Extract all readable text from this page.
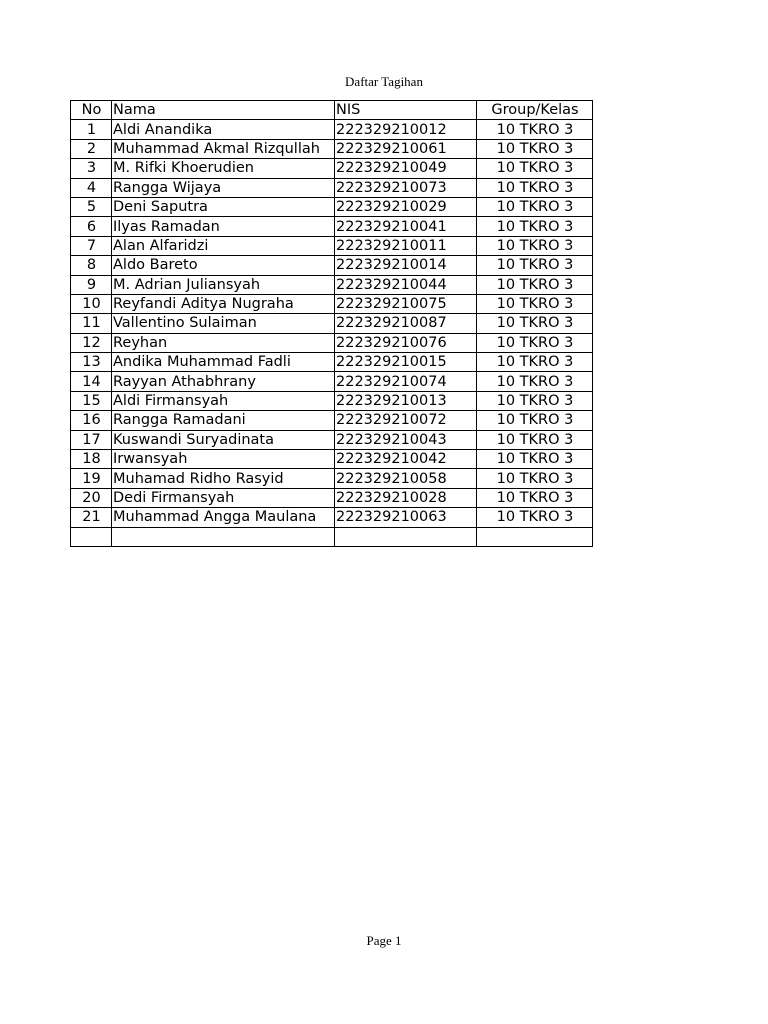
Daftar Tagihan
No	Nama	NIS	Group/Kelas
1	Aldi Anandika	222329210012	10 TKRO 3
2	Muhammad Akmal Rizqullah	222329210061	10 TKRO 3
3	M. Rifki Khoerudien	222329210049	10 TKRO 3
4	Rangga Wijaya	222329210073	10 TKRO 3
5	Deni Saputra	222329210029	10 TKRO 3
6	Ilyas Ramadan	222329210041	10 TKRO 3
7	Alan Alfaridzi	222329210011	10 TKRO 3
8	Aldo Bareto	222329210014	10 TKRO 3
9	M. Adrian Juliansyah	222329210044	10 TKRO 3
10	Reyfandi Aditya Nugraha	222329210075	10 TKRO 3
11	Vallentino Sulaiman	222329210087	10 TKRO 3
12	Reyhan	222329210076	10 TKRO 3
13	Andika Muhammad Fadli	222329210015	10 TKRO 3
14	Rayyan Athabhrany	222329210074	10 TKRO 3
15	Aldi Firmansyah	222329210013	10 TKRO 3
16	Rangga Ramadani	222329210072	10 TKRO 3
17	Kuswandi Suryadinata	222329210043	10 TKRO 3
18	Irwansyah	222329210042	10 TKRO 3
19	Muhamad Ridho Rasyid	222329210058	10 TKRO 3
20	Dedi Firmansyah	222329210028	10 TKRO 3
21	Muhammad Angga Maulana	222329210063	10 TKRO 3

Page 1
